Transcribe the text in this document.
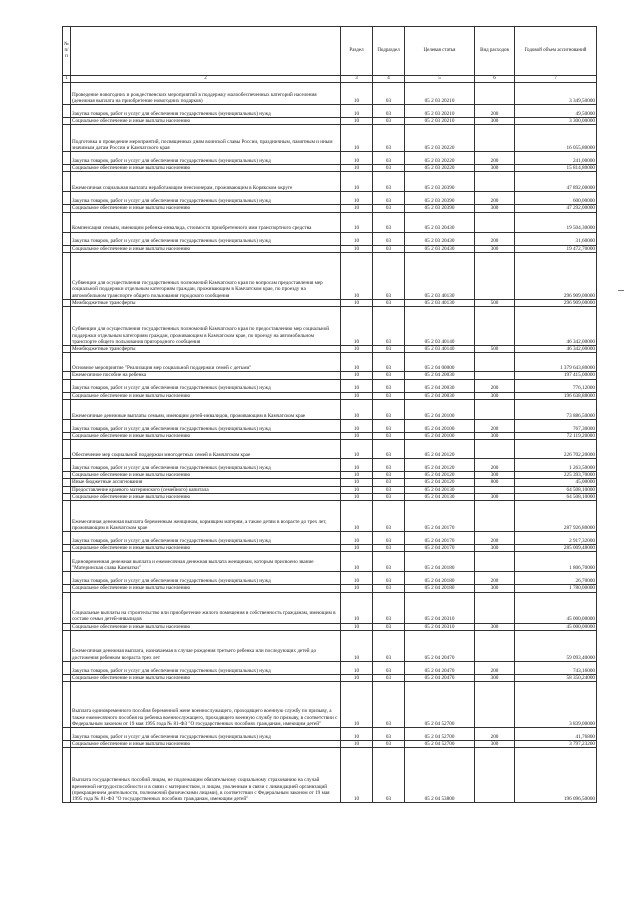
№ п/п		Раздел	Подраздел	Целевая статья	Вид расходов	Годовой объем ассигнований
1	2	3	4	5	6	7
	Проведение новогодних и рождественских мероприятий в поддержку малообеспеченных категорий населения (денежная выплата на приобретение новогодних подарков)	10	03	05 2 03 20210		3 349,50000
	Закупка товаров, работ и услуг для обеспечения государственных (муниципальных) нужд	10	03	05 2 03 20210	200	49,50000
	Социальное обеспечение и иные выплаты населению	10	03	05 2 03 20210	300	3 300,00000
	Подготовка и проведение мероприятий, посвященных дням воинской славы России, праздничным, памятным и иным значимым датам России и Камчатского края	10	03	05 2 03 20220		16 055,80000
	Закупка товаров, работ и услуг для обеспечения государственных (муниципальных) нужд	10	03	05 2 03 20220	200	241,00000
	Социальное обеспечение и иные выплаты населению	10	03	05 2 03 20220	300	15 814,80000
	Ежемесячная социальная выплата неработающим пенсионерам, проживающим в Корякском округе	10	03	05 2 03 20390		47 892,00000
	Закупка товаров, работ и услуг для обеспечения государственных (муниципальных) нужд	10	03	05 2 03 20390	200	600,00000
	Социальное обеспечение и иные выплаты населению	10	03	05 2 03 20390	300	47 292,00000
	Компенсация семьям, имеющим ребенка-инвалида, стоимости приобретенного ими транспортного средства	10	03	05 2 03 20430		19 504,30000
	Закупка товаров, работ и услуг для обеспечения государственных (муниципальных) нужд	10	03	05 2 03 20430	200	31,60000
	Социальное обеспечение и иные выплаты населению	10	03	05 2 03 20430	300	19 472,70000
	Субвенции для осуществления государственных полномочий Камчатского края по вопросам предоставления мер социальной поддержки отдельным категориям граждан, проживающим в Камчатском крае, по проезду на автомобильном транспорте общего пользования городского сообщения	10	03	05 2 03 40130		296 909,00000
	Межбюджетные трансферты	10	03	05 2 03 40130	500	296 909,00000
	Субвенции для осуществления государственных полномочий Камчатского края по предоставлению мер социальной поддержки отдельным категориям граждан, проживающим в Камчатском крае, по проезду на автомобильном транспорте общего пользования пригородного сообщения	10	03	05 2 03 40140		46 342,00000
	Межбюджетные трансферты	10	03	05 2 03 40140	500	46 342,00000
	Основное мероприятие "Реализация мер социальной поддержки семей с детьми"	10	03	05 2 04 00000		1 379 643,80000
	Ежемесячное пособие на ребенка	10	03	05 2 04 20030		197 415,00000
	Закупка товаров, работ и услуг для обеспечения государственных (муниципальных) нужд	10	03	05 2 04 20030	200	776,12000
	Социальное обеспечение и иные выплаты населению	10	03	05 2 04 20030	300	196 638,88000
	Ежемесячные денежные выплаты семьям, имеющим детей-инвалидов, проживающим в Камчатском крае	10	03	05 2 04 20100		73 886,50000
	Закупка товаров, работ и услуг для обеспечения государственных (муниципальных) нужд	10	03	05 2 04 20100	200	767,30000
	Социальное обеспечение и иные выплаты населению	10	03	05 2 04 20100	300	72 119,20000
	Обеспечение мер социальной поддержки многодетных семей в Камчатском крае	10	03	05 2 04 20120		226 702,20000
	Закупка товаров, работ и услуг для обеспечения государственных (муниципальных) нужд	10	03	05 2 04 20120	200	1 263,50000
	Социальное обеспечение и иные выплаты населению	10	03	05 2 04 20120	300	225 393,70000
	Иные бюджетные ассигнования	10	03	05 2 04 20120	800	45,00000
	Предоставление краевого материнского (семейного) капитала	10	03	05 2 04 20130		64 508,10000
	Социальное обеспечение и иные выплаты населению	10	03	05 2 04 20130	300	64 508,10000
	Ежемесячная денежная выплата беременным женщинам, кормящим матерям, а также детям в возрасте до трех лет, проживающим в Камчатском крае	10	03	05 2 04 20170		287 926,80000
	Закупка товаров, работ и услуг для обеспечения государственных (муниципальных) нужд	10	03	05 2 04 20170	200	2 917,32000
	Социальное обеспечение и иные выплаты населению	10	03	05 2 04 20170	300	285 009,48000
	Единовременная денежная выплата и ежемесячная денежная выплата женщинам, которым присвоено звание "Материнская слава Камчатки"	10	03	05 2 04 20180		1 806,70000
	Закупка товаров, работ и услуг для обеспечения государственных (муниципальных) нужд	10	03	05 2 04 20180	200	26,70000
	Социальное обеспечение и иные выплаты населению	10	03	05 2 04 20180	300	1 780,00000
	Социальные выплаты на строительство или приобретение жилого помещения в собственность гражданам, имеющим в составе семьи детей-инвалидов	10	03	05 2 04 20310		45 000,00000
	Социальное обеспечение и иные выплаты населению	10	03	05 2 04 20310	300	45 000,00000
	Ежемесячная денежная выплата, назначаемая в случае рождения третьего ребенка или последующих детей до достижения ребенком возраста трех лет	10	03	05 2 04 20470		59 093,40000
	Закупка товаров, работ и услуг для обеспечения государственных (муниципальных) нужд	10	03	05 2 04 20470	200	743,16000
	Социальное обеспечение и иные выплаты населению	10	03	05 2 04 20470	300	58 350,24000
	Выплата единовременного пособия беременной жене военнослужащего, проходящего военную службу по призыву, а также ежемесячного пособия на ребенка военнослужащего, проходящего военную службу по призыву, в соответствии с Федеральным законом от 19 мая 1995 года № 81-ФЗ "О государственных пособиях гражданам, имеющим детей"	10	03	05 2 04 52700		3 839,00000
	Закупка товаров, работ и услуг для обеспечения государственных (муниципальных) нужд	10	03	05 2 04 52700	200	41,76800
	Социальное обеспечение и иные выплаты населению	10	03	05 2 04 52700	300	3 797,23200
	Выплата государственных пособий лицам, не подлежащим обязательному социальному страхованию на случай временной нетрудоспособности и в связи с материнством, и лицам, уволенным в связи с ликвидацией организаций (прекращением деятельности, полномочий физическими лицами), в соответствии с Федеральным законом от 19 мая 1995 года № 81-ФЗ "О государственных пособиях гражданам, имеющим детей"	10	03	05 2 04 53800		196 096,50000
